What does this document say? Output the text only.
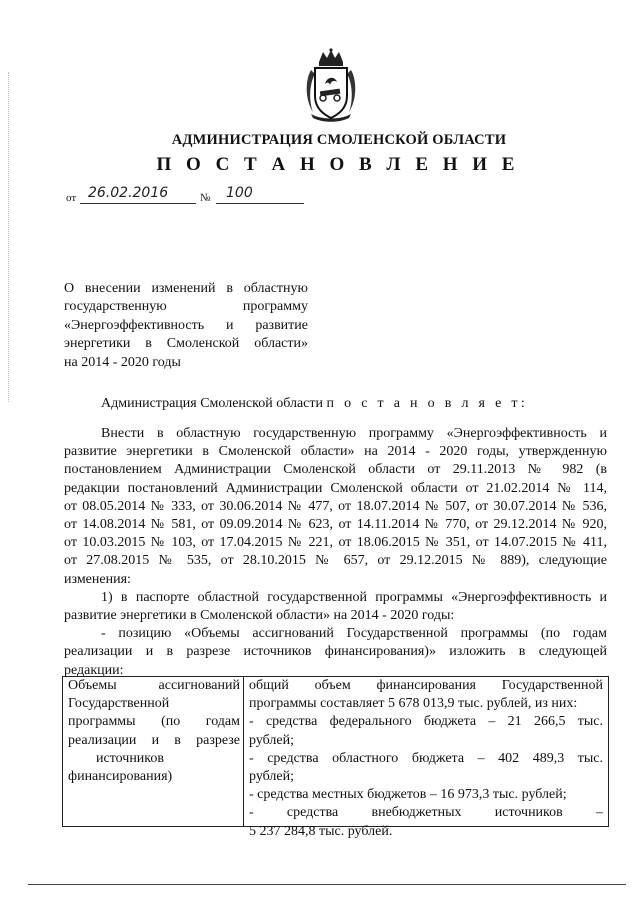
АДМИНИСТРАЦИЯ СМОЛЕНСКОЙ ОБЛАСТИ
П О С Т А Н О В Л Е Н И Е
от 26.02.2016	№ 100
О внесении изменений в областную
государственную программу
«Энергоэффективность и развитие
энергетики в Смоленской области»
на 2014 - 2020 годы
Администрация Смоленской области п о с т а н о в л я е т:
Внести в областную государственную программу «Энергоэффективность и
развитие энергетики в Смоленской области» на 2014 - 2020 годы, утвержденную
постановлением Администрации Смоленской области от 29.11.2013 № 982 (в
редакции постановлений Администрации Смоленской области от 21.02.2014 № 114,
от 08.05.2014 № 333, от 30.06.2014 № 477, от 18.07.2014 № 507, от 30.07.2014 № 536,
от 14.08.2014 № 581, от 09.09.2014 № 623, от 14.11.2014 № 770, от 29.12.2014 № 920,
от 10.03.2015 № 103, от 17.04.2015 № 221, от 18.06.2015 № 351, от 14.07.2015 № 411,
от 27.08.2015 № 535, от 28.10.2015 № 657, от 29.12.2015 № 889), следующие
изменения:
1) в паспорте областной государственной программы «Энергоэффективность и
развитие энергетики в Смоленской области» на 2014 - 2020 годы:
- позицию «Объемы ассигнований Государственной программы (по годам
реализации и в разрезе источников финансирования)» изложить в следующей
редакции:
Объемы ассигнований
Государственной
программы (по годам
реализации и в разрезе
источников
финансирования)
общий объем финансирования Государственной
программы составляет 5 678 013,9 тыс. рублей, из них:
- средства федерального бюджета – 21 266,5 тыс.
рублей;
- средства областного бюджета – 402 489,3 тыс.
рублей;
- средства местных бюджетов – 16 973,3 тыс. рублей;
- средства внебюджетных источников –
5 237 284,8 тыс. рублей.
